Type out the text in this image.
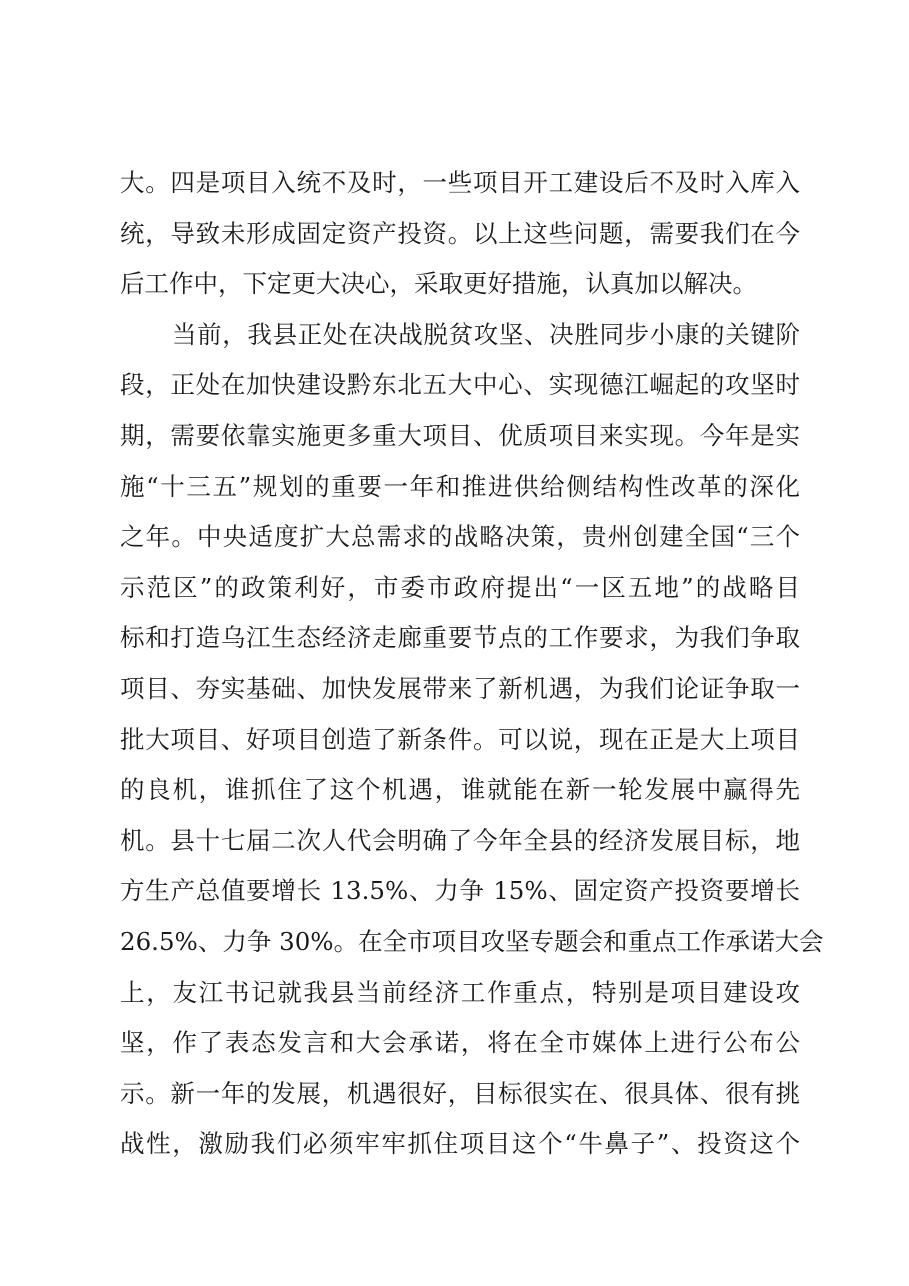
大。四是项目入统不及时，一些项目开工建设后不及时入库入
统，导致未形成固定资产投资。以上这些问题，需要我们在今
后工作中，下定更大决心，采取更好措施，认真加以解决。
当前，我县正处在决战脱贫攻坚、决胜同步小康的关键阶
段，正处在加快建设黔东北五大中心、实现德江崛起的攻坚时
期，需要依靠实施更多重大项目、优质项目来实现。今年是实
施“十三五”规划的重要一年和推进供给侧结构性改革的深化
之年。中央适度扩大总需求的战略决策，贵州创建全国“三个
示范区”的政策利好，市委市政府提出“一区五地”的战略目
标和打造乌江生态经济走廊重要节点的工作要求，为我们争取
项目、夯实基础、加快发展带来了新机遇，为我们论证争取一
批大项目、好项目创造了新条件。可以说，现在正是大上项目
的良机，谁抓住了这个机遇，谁就能在新一轮发展中赢得先
机。县十七届二次人代会明确了今年全县的经济发展目标，地
方生产总值要增长 13.5%、力争 15%、固定资产投资要增长
26.5%、力争 30%。在全市项目攻坚专题会和重点工作承诺大会
上，友江书记就我县当前经济工作重点，特别是项目建设攻
坚，作了表态发言和大会承诺，将在全市媒体上进行公布公
示。新一年的发展，机遇很好，目标很实在、很具体、很有挑
战性，激励我们必须牢牢抓住项目这个“牛鼻子”、投资这个
